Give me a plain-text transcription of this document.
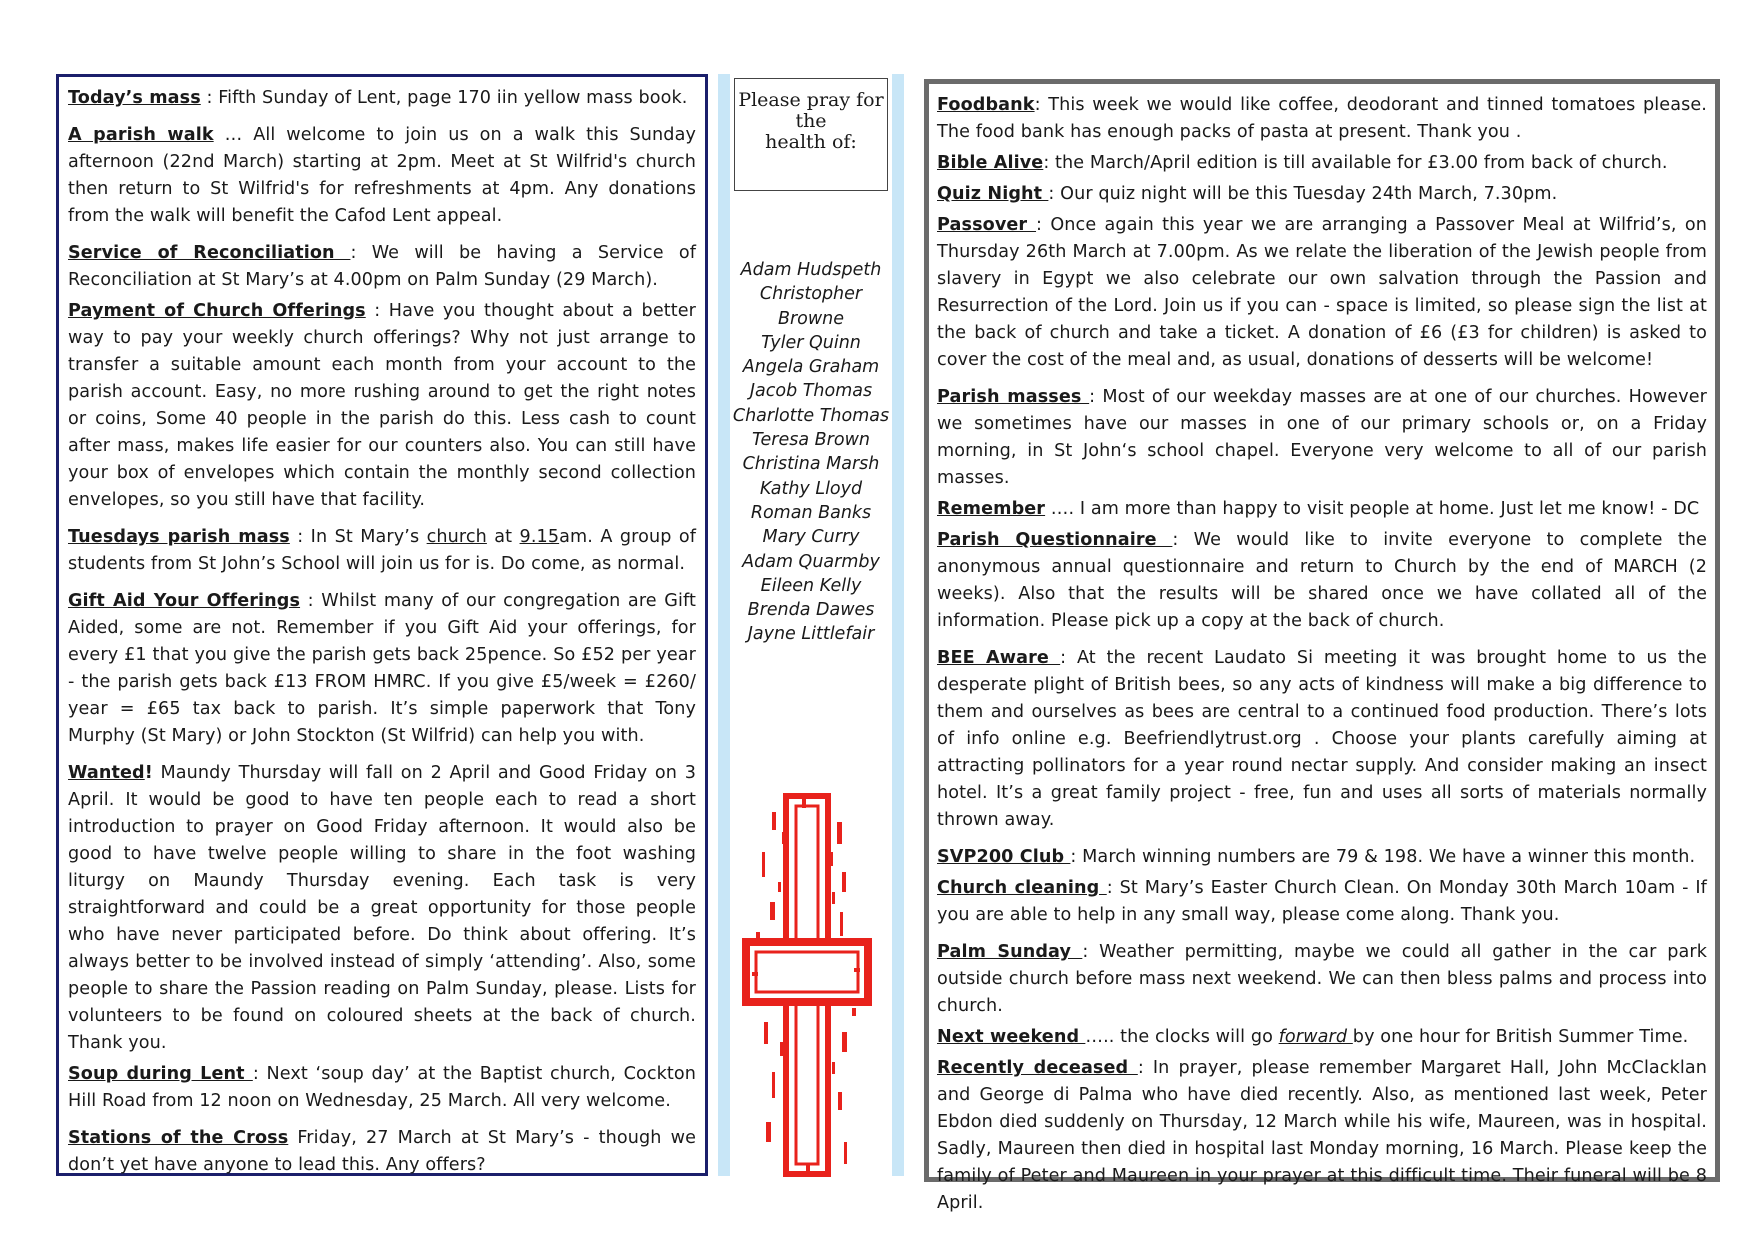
Today’s mass : Fifth Sunday of Lent, page 170 iin yellow mass book.

A parish walk … All welcome to join us on a walk this Sunday afternoon (22nd March) starting at 2pm. Meet at St Wilfrid's church then return to St Wilfrid's for refreshments at 4pm. Any donations from the walk will benefit the Cafod Lent appeal.

Service of Reconciliation : We will be having a Service of Reconciliation at St Mary’s at 4.00pm on Palm Sunday (29 March).

Payment of Church Offerings : Have you thought about a better way to pay your weekly church offerings? Why not just arrange to transfer a suitable amount each month from your account to the parish account. Easy, no more rushing around to get the right notes or coins, Some 40 people in the parish do this. Less cash to count after mass, makes life easier for our counters also. You can still have your box of envelopes which contain the monthly second collection envelopes, so you still have that facility.

Tuesdays parish mass : In St Mary’s church at 9.15am. A group of students from St John’s School will join us for is. Do come, as normal.

Gift Aid Your Offerings : Whilst many of our congregation are Gift Aided, some are not. Remember if you Gift Aid your offerings, for every £1 that you give the parish gets back 25pence. So £52 per year - the parish gets back £13 FROM HMRC. If you give £5/week = £260/ year = £65 tax back to parish. It’s simple paperwork that Tony Murphy (St Mary) or John Stockton (St Wilfrid) can help you with.

Wanted! Maundy Thursday will fall on 2 April and Good Friday on 3 April. It would be good to have ten people each to read a short introduction to prayer on Good Friday afternoon. It would also be good to have twelve people willing to share in the foot washing liturgy on Maundy Thursday evening. Each task is very straightforward and could be a great opportunity for those people who have never participated before. Do think about offering. It’s always better to be involved instead of simply ‘attending’. Also, some people to share the Passion reading on Palm Sunday, please. Lists for volunteers to be found on coloured sheets at the back of church. Thank you.

Soup during Lent : Next ‘soup day’ at the Baptist church, Cockton Hill Road from 12 noon on Wednesday, 25 March. All very welcome.

Stations of the Cross Friday, 27 March at St Mary’s - though we don’t yet have anyone to lead this. Any offers?

Please pray for
the
health of:
Adam Hudspeth
Christopher
Browne
Tyler Quinn
Angela Graham
Jacob Thomas
Charlotte Thomas
Teresa Brown
Christina Marsh
Kathy Lloyd
Roman Banks
Mary Curry
Adam Quarmby
Eileen Kelly
Brenda Dawes
Jayne Littlefair

Foodbank: This week we would like coffee, deodorant and tinned tomatoes please. The food bank has enough packs of pasta at present. Thank you .

Bible Alive: the March/April edition is till available for £3.00 from back of church.

Quiz Night : Our quiz night will be this Tuesday 24th March, 7.30pm.

Passover : Once again this year we are arranging a Passover Meal at Wilfrid’s, on Thursday 26th March at 7.00pm. As we relate the liberation of the Jewish people from slavery in Egypt we also celebrate our own salvation through the Passion and Resurrection of the Lord. Join us if you can - space is limited, so please sign the list at the back of church and take a ticket. A donation of £6 (£3 for children) is asked to cover the cost of the meal and, as usual, donations of desserts will be welcome!

Parish masses : Most of our weekday masses are at one of our churches. However we sometimes have our masses in one of our primary schools or, on a Friday morning, in St John‘s school chapel. Everyone very welcome to all of our parish masses.

Remember …. I am more than happy to visit people at home. Just let me know! - DC

Parish Questionnaire : We would like to invite everyone to complete the anonymous annual questionnaire and return to Church by the end of MARCH (2 weeks). Also that the results will be shared once we have collated all of the information. Please pick up a copy at the back of church.

BEE Aware : At the recent Laudato Si meeting it was brought home to us the desperate plight of British bees, so any acts of kindness will make a big difference to them and ourselves as bees are central to a continued food production. There’s lots of info online e.g. Beefriendlytrust.org . Choose your plants carefully aiming at attracting pollinators for a year round nectar supply. And consider making an insect hotel. It’s a great family project - free, fun and uses all sorts of materials normally thrown away.

SVP200 Club : March winning numbers are 79 & 198. We have a winner this month.

Church cleaning : St Mary’s Easter Church Clean. On Monday 30th March 10am - If you are able to help in any small way, please come along. Thank you.

Palm Sunday : Weather permitting, maybe we could all gather in the car park outside church before mass next weekend. We can then bless palms and process into church.

Next weekend ….. the clocks will go forward by one hour for British Summer Time.

Recently deceased : In prayer, please remember Margaret Hall, John McClacklan and George di Palma who have died recently. Also, as mentioned last week, Peter Ebdon died suddenly on Thursday, 12 March while his wife, Maureen, was in hospital. Sadly, Maureen then died in hospital last Monday morning, 16 March. Please keep the family of Peter and Maureen in your prayer at this difficult time. Their funeral will be 8 April.
